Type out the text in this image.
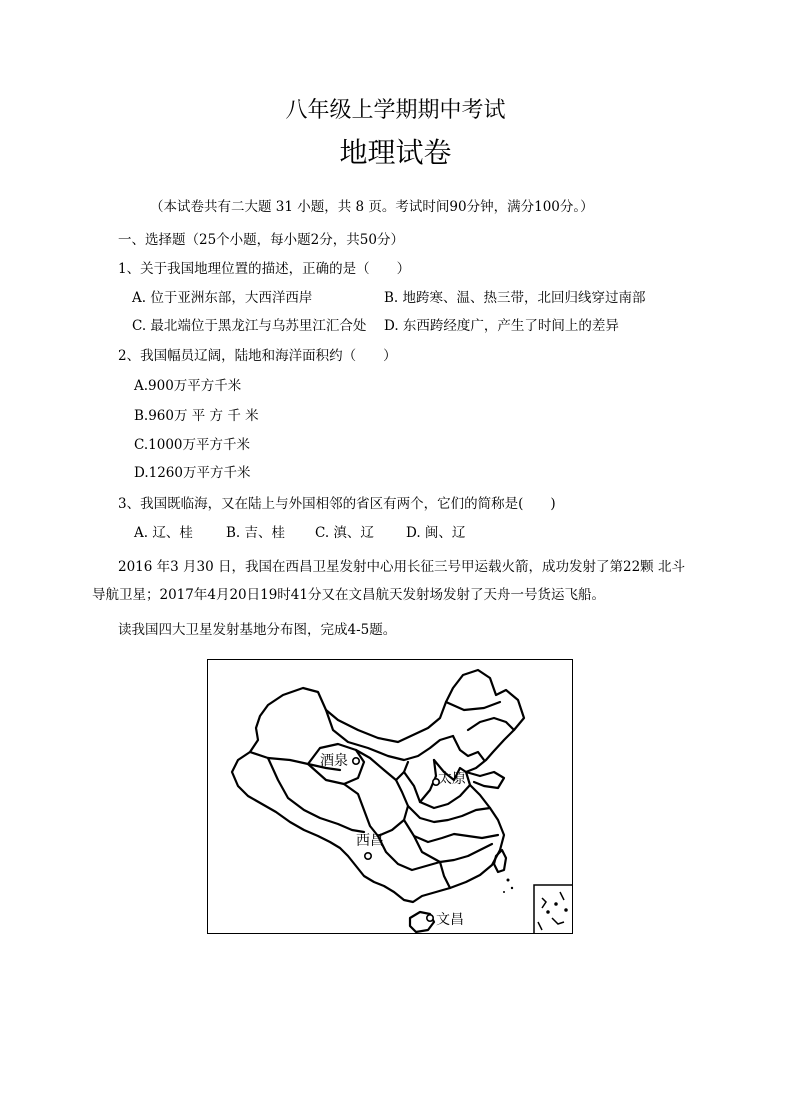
八年级上学期期中考试
地理试卷
（本试卷共有二大题 31 小题，共 8 页。考试时间90分钟，满分100分。）
一、选择题（25个小题，每小题2分，共50分）
1、关于我国地理位置的描述，正确的是（　　）
A. 位于亚洲东部，大西洋西岸	B. 地跨寒、温、热三带，北回归线穿过南部
C. 最北端位于黑龙江与乌苏里江汇合处 D. 东西跨经度广，产生了时间上的差异
2、我国幅员辽阔，陆地和海洋面积约（　　）
A.900万平方千米
B.960万 平 方 千 米
C.1000万平方千米
D.1260万平方千米
3、我国既临海，又在陆上与外国相邻的省区有两个，它们的简称是(　　)
A. 辽、桂 B. 吉、桂 C. 滇、辽 D. 闽、辽
2016 年3 月30 日，我国在西昌卫星发射中心用长征三号甲运载火箭，成功发射了第22颗 北斗
导航卫星；2017年4月20日19时41分又在文昌航天发射场发射了天舟一号货运飞船。
读我国四大卫星发射基地分布图，完成4-5题。
酒泉
太原
西昌
文昌
